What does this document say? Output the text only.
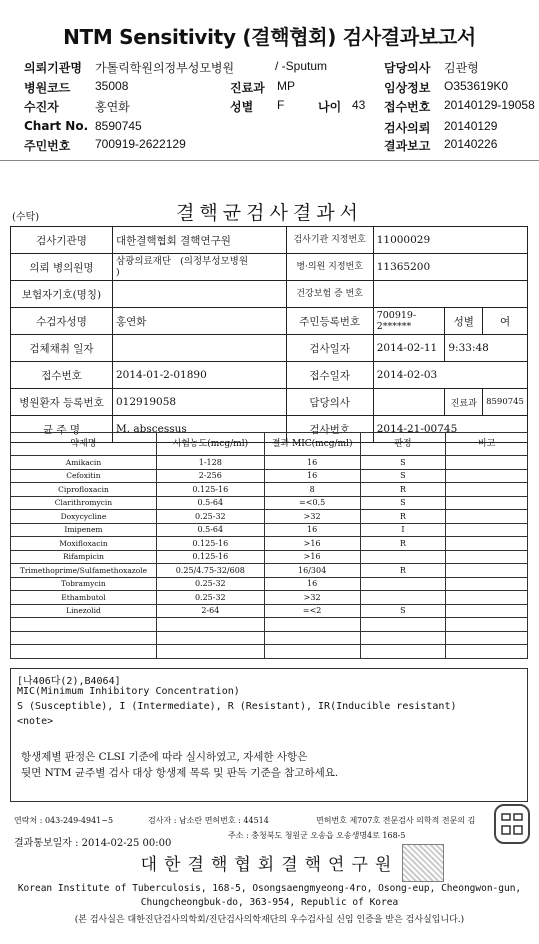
NTM Sensitivity (결핵협회) 검사결과보고서
의뢰기관명 가톨릭학원의정부성모병원	/ -Sputum	담당의사 김관형
병원코드 35008	진료과 MP	임상정보 O353619K0
수진자	홍연화	성별 F	나이 43 접수번호 20140129-19058
Chart No. 8590745	검사의뢰 20140129
주민번호 700919-2622129	결과보고 20140226
(수탁)	결핵균검사결과서
검사기관명	대한결핵협회 결핵연구원	검사기관 지정번호	11000029		
의뢰 병의원명	삼광의료재단 (의정부성모병원
)	병·의원 지정번호	11365200		
보험자기호(명칭)		건강보험 증 번호			
수검자성명	홍연화	주민등록번호	700919-2******	성별	여
검체채취 일자		검사일자	2014-02-11	9:33:48	
접수번호	2014-01-2-01890	접수일자	2014-02-03		
병원환자 등록번호	012919058	담당의사		진료과	8590745
균 주 명	M. abscessus	검사번호	2014-21-00745		
약제명	시험농도(mcg/ml)	결과 MIC(mcg/ml)	판정	비고
Amikacin	1-128	16	S	
Cefoxitin	2-256	16	S	
Ciprofloxacin	0.125-16	8	R	
Clarithromycin	0.5-64	=<0.5	S	
Doxycycline	0.25-32	>32	R	
Imipenem	0.5-64	16	I	
Moxifloxacin	0.125-16	>16	R	
Rifampicin	0.125-16	>16		
Trimethoprime/Sulfamethoxazole	0.25/4.75-32/608	16/304	R	
Tobramycin	0.25-32	16		
Ethambutol	0.25-32	>32		
Linezolid	2-64	=<2	S	

[나406다(2),B4064]
MIC(Minimum Inhibitory Concentration)
S (Susceptible), I (Intermediate), R (Resistant), IR(Inducible resistant)
<note>
항생제별 판정은 CLSI 기준에 따라 실시하였고, 자세한 사항은
뒷면 NTM 균주별 검사 대상 항생제 목록 및 판독 기준을 참고하세요.
연락처 : 043-249-4941~5	검사자 : 남소란 면허번호 : 44514	면허번호 제707호 전문검사 의학적 전문의 김
결과통보일자 : 2014-02-25 00:00
주소 : 충청북도 청원군 오송읍 오송생명4로 168-5
대한결핵협회결핵연구원
Korean Institute of Tuberculosis, 168-5, Osongsaengmyeong-4ro, Osong-eup, Cheongwon-gun,
Chungcheongbuk-do, 363-954, Republic of Korea
(본 검사실은 대한진단검사의학회/진단검사의학재단의 우수검사실 신임 인증을 받은 검사실입니다.)
